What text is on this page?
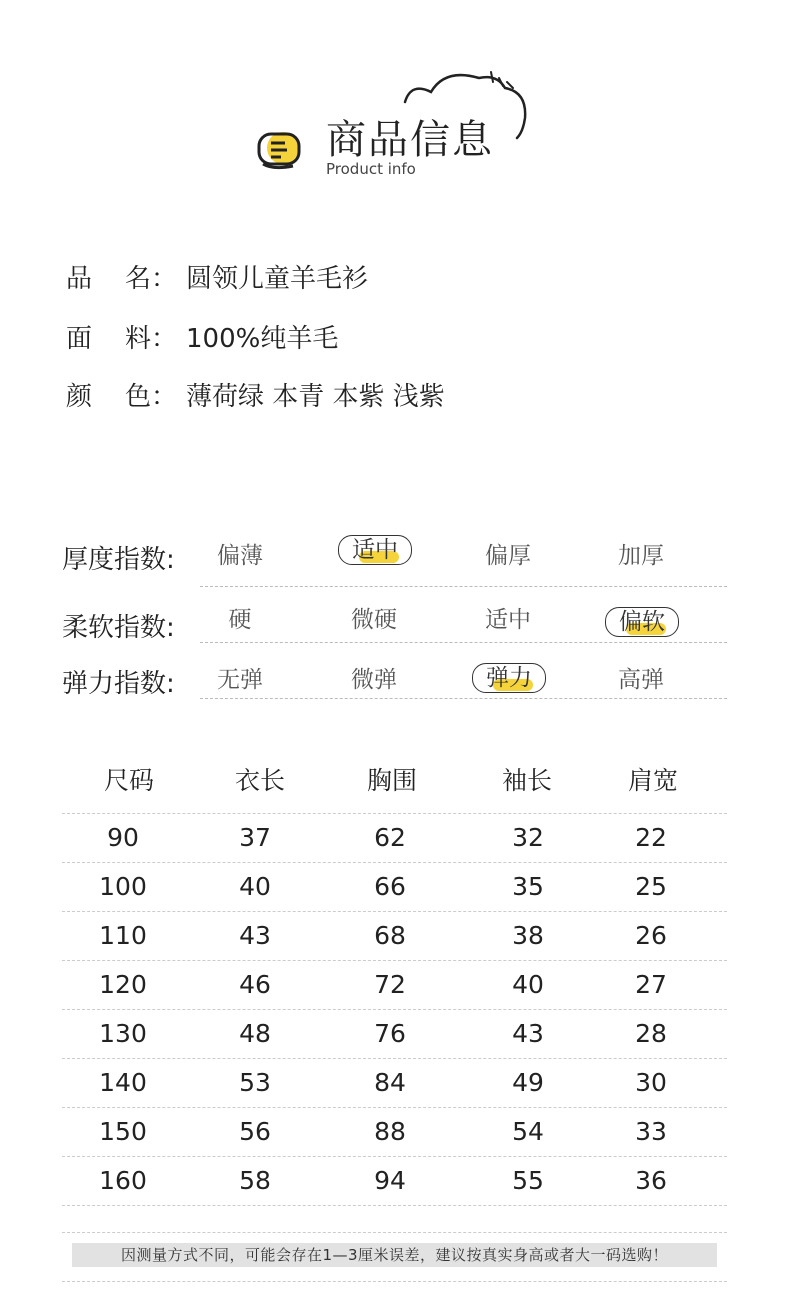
商品信息
Product info
品    名： 圆领儿童羊毛衫
面    料： 100%纯羊毛
颜    色： 薄荷绿 本青 本紫 浅紫
厚度指数:	偏薄	适中	偏厚	加厚
柔软指数:	硬	微硬	适中	偏软
弹力指数:	无弹	微弹	弹力	高弹
尺码	衣长	胸围	袖长	肩宽
90	37	62	32	22
100	40	66	35	25
110	43	68	38	26
120	46	72	40	27
130	48	76	43	28
140	53	84	49	30
150	56	88	54	33
160	58	94	55	36
因测量方式不同，可能会存在1—3厘米误差，建议按真实身高或者大一码选购！
